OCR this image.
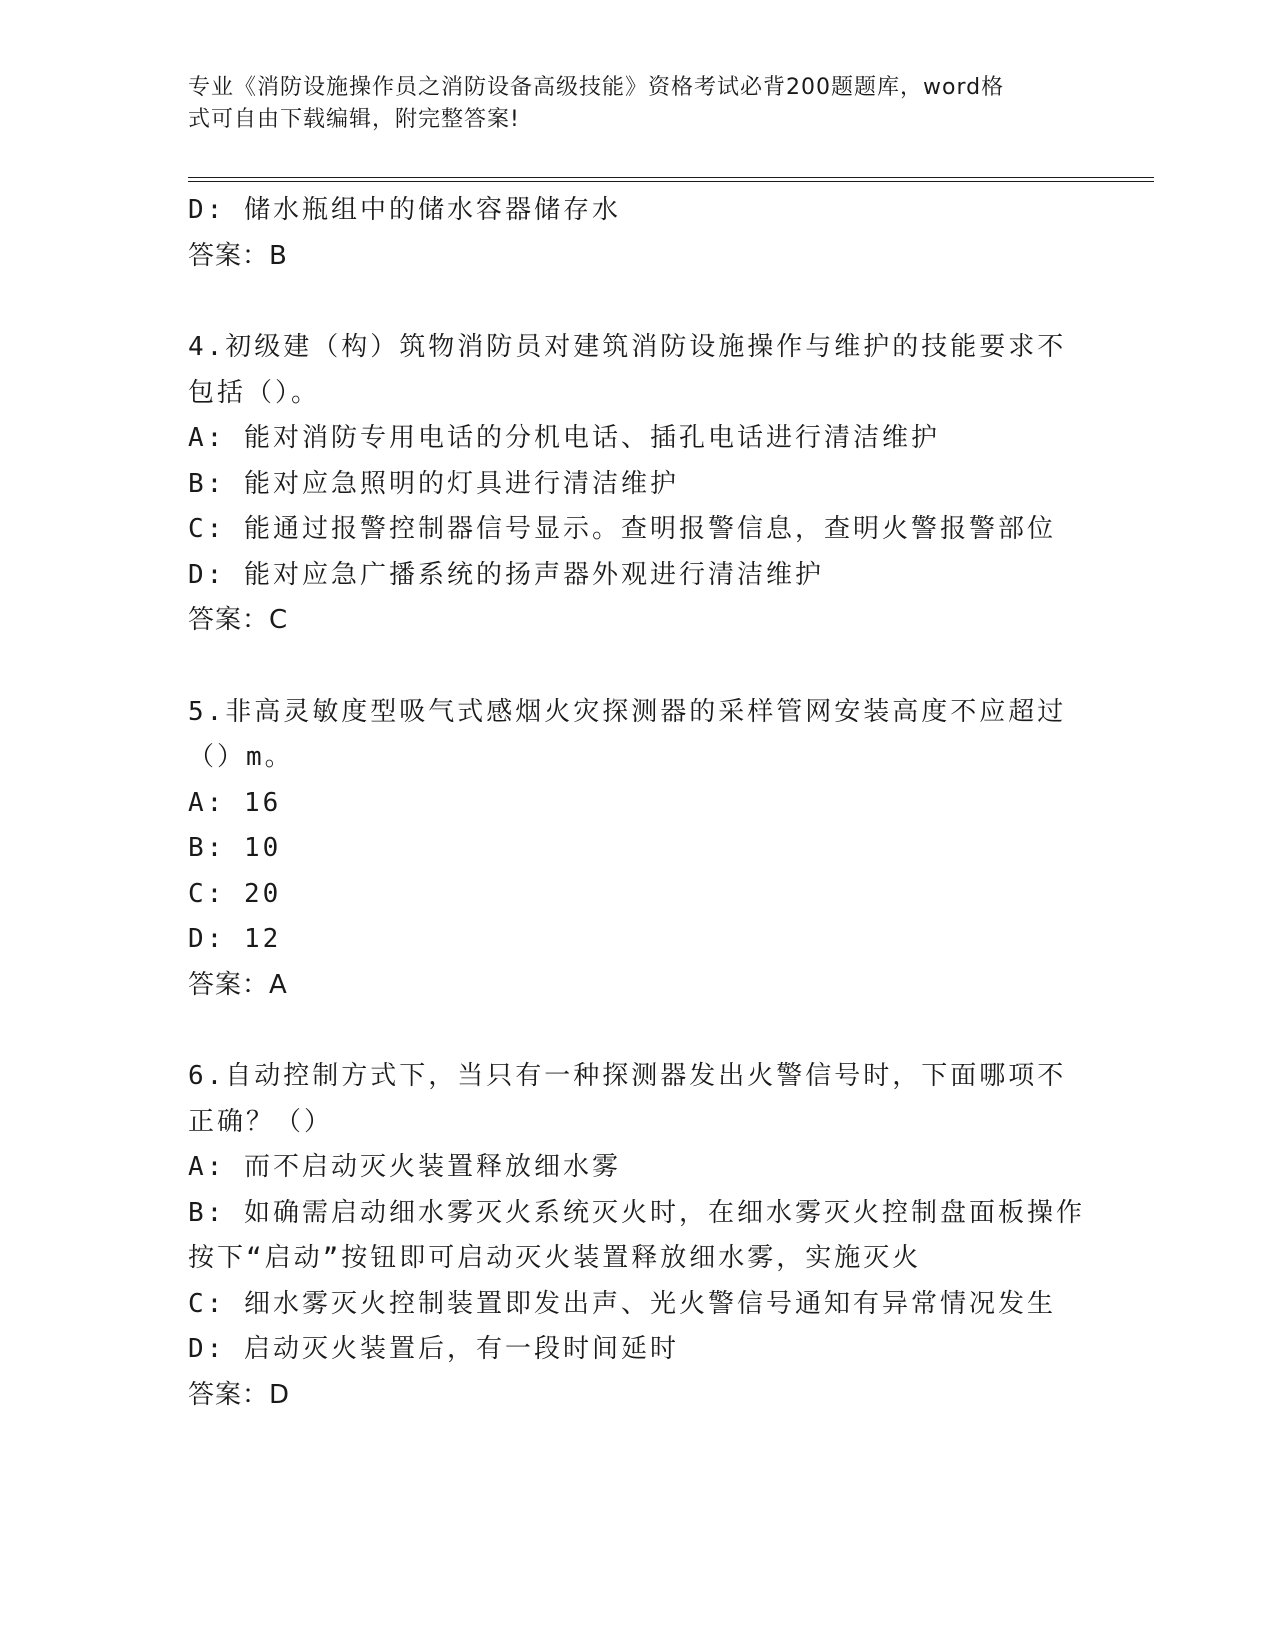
专业《消防设施操作员之消防设备高级技能》资格考试必背200题题库，word格
式可自由下载编辑，附完整答案!
D: 储水瓶组中的储水容器储存水
答案：B
4.初级建（构）筑物消防员对建筑消防设施操作与维护的技能要求不
包括（）。
A: 能对消防专用电话的分机电话、插孔电话进行清洁维护
B: 能对应急照明的灯具进行清洁维护
C: 能通过报警控制器信号显示。查明报警信息，查明火警报警部位
D: 能对应急广播系统的扬声器外观进行清洁维护
答案：C
5.非高灵敏度型吸气式感烟火灾探测器的采样管网安装高度不应超过
（）m。
A: 16
B: 10
C: 20
D: 12
答案：A
6.自动控制方式下，当只有一种探测器发出火警信号时，下面哪项不
正确？（）
A: 而不启动灭火装置释放细水雾
B: 如确需启动细水雾灭火系统灭火时，在细水雾灭火控制盘面板操作
按下“启动”按钮即可启动灭火装置释放细水雾，实施灭火
C: 细水雾灭火控制装置即发出声、光火警信号通知有异常情况发生
D: 启动灭火装置后，有一段时间延时
答案：D
